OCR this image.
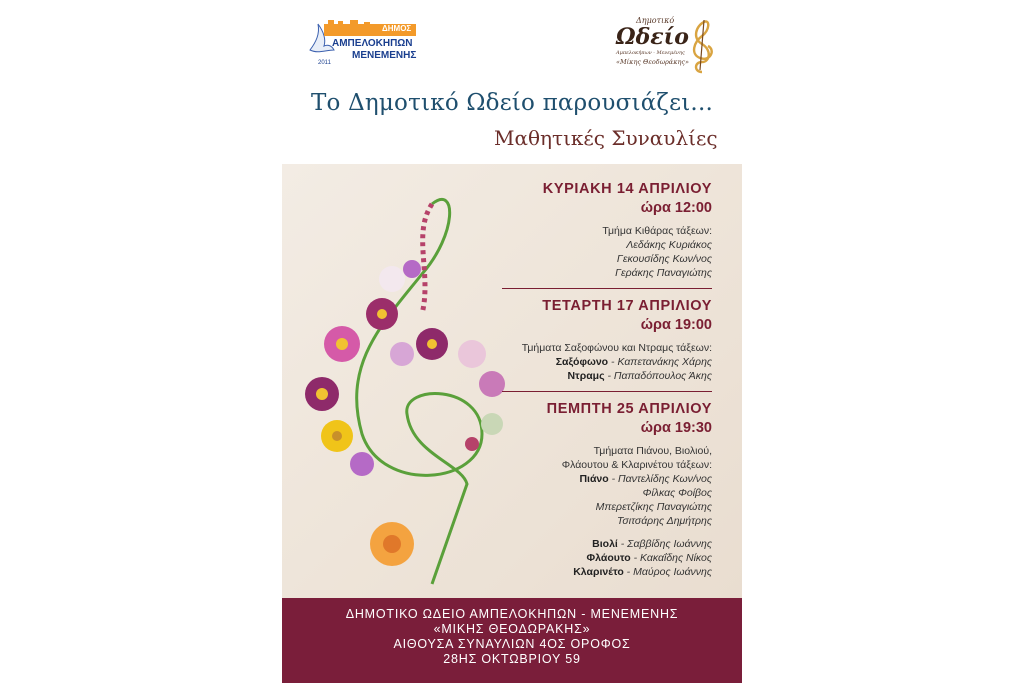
ΔΗΜΟΣ
ΑΜΠΕΛΟΚΗΠΩΝ
ΜΕΝΕΜΕΝΗΣ
2011
Δημοτικό
Ωδείο
Αμπελοκήπων · Μενεμένης
«Μίκης Θεοδωράκης»
Το Δημοτικό Ωδείο παρουσιάζει...
Μαθητικές Συναυλίες
ΚΥΡΙΑΚΗ 14 ΑΠΡΙΛΙΟΥ
ώρα 12:00
Τμήμα Κιθάρας τάξεων:
Λεδάκης Κυριάκος
Γεκουσίδης Κων/νος
Γεράκης Παναγιώτης
ΤΕΤΑΡΤΗ 17 ΑΠΡΙΛΙΟΥ
ώρα 19:00
Τμήματα Σαξοφώνου και Ντραμς τάξεων:
Σαξόφωνο - Καπετανάκης Χάρης
Ντραμς - Παπαδόπουλος Άκης
ΠΕΜΠΤΗ 25 ΑΠΡΙΛΙΟΥ
ώρα 19:30
Τμήματα Πιάνου, Βιολιού,
Φλάουτου & Κλαρινέτου τάξεων:
Πιάνο - Παντελίδης Κων/νος
Φίλκας Φοίβος
Μπερετζίκης Παναγιώτης
Τσιτσάρης Δημήτρης
Βιολί - Σαββίδης Ιωάννης
Φλάουτο - Κακαΐδης Νίκος
Κλαρινέτο - Μαύρος Ιωάννης
ΔΗΜΟΤΙΚΟ ΩΔΕΙΟ ΑΜΠΕΛΟΚΗΠΩΝ - ΜΕΝΕΜΕΝΗΣ
«ΜΙΚΗΣ ΘΕΟΔΩΡΑΚΗΣ»
ΑΙΘΟΥΣΑ ΣΥΝΑΥΛΙΩΝ 4ΟΣ ΟΡΟΦΟΣ
28ΗΣ ΟΚΤΩΒΡΙΟΥ 59
